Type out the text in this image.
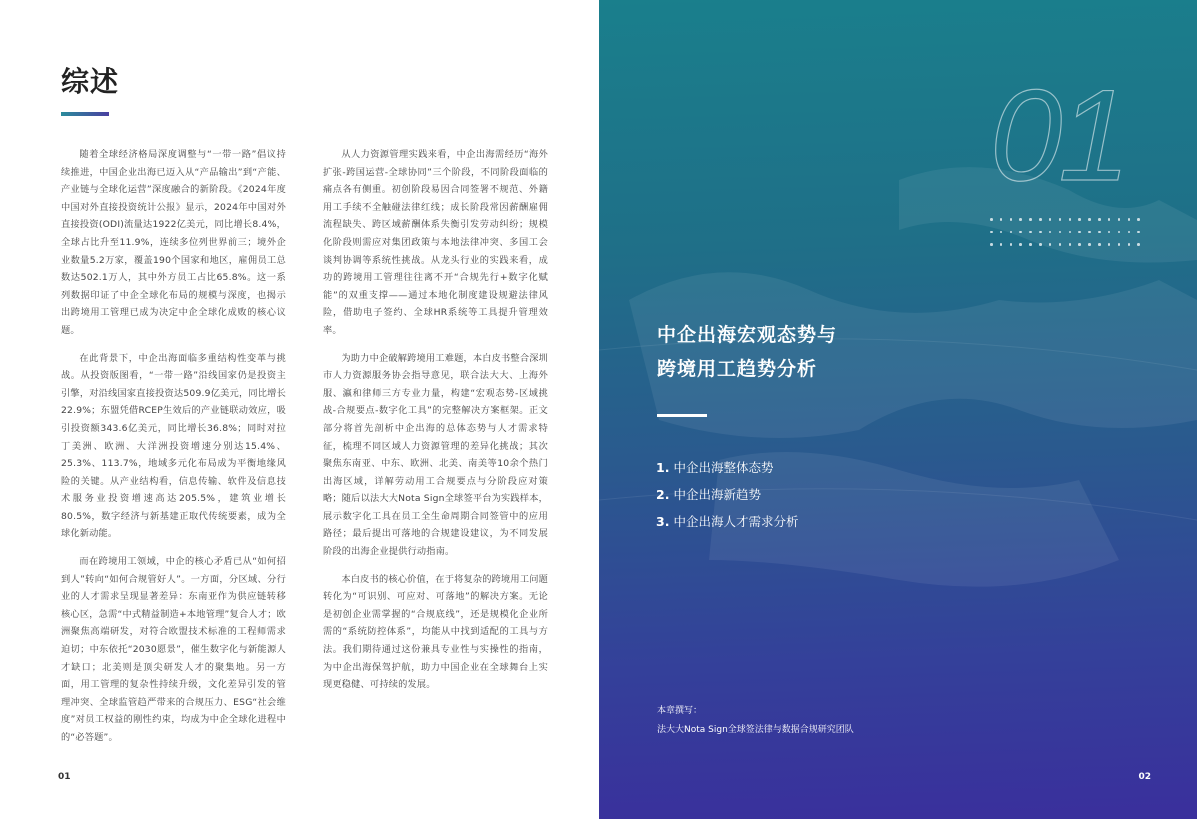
综述

随着全球经济格局深度调整与“一带一路”倡议持续推进，中国企业出海已迈入从“产品输出”到“产能、产业链与全球化运营”深度融合的新阶段。《2024年度中国对外直接投资统计公报》显示，2024年中国对外直接投资(ODI)流量达1922亿美元，同比增长8.4%，全球占比升至11.9%，连续多位列世界前三；境外企业数量5.2万家，覆盖190个国家和地区，雇佣员工总数达502.1万人，其中外方员工占比65.8%。这一系列数据印证了中企全球化布局的规模与深度，也揭示出跨境用工管理已成为决定中企全球化成败的核心议题。

在此背景下，中企出海面临多重结构性变革与挑战。从投资版图看，“一带一路”沿线国家仍是投资主引擎，对沿线国家直接投资达509.9亿美元，同比增长22.9%；东盟凭借RCEP生效后的产业链联动效应，吸引投资额343.6亿美元，同比增长36.8%；同时对拉丁美洲、欧洲、大洋洲投资增速分别达15.4%、25.3%、113.7%，地域多元化布局成为平衡地缘风险的关键。从产业结构看，信息传输、软件及信息技术服务业投资增速高达205.5%，建筑业增长80.5%，数字经济与新基建正取代传统要素，成为全球化新动能。

而在跨境用工领域，中企的核心矛盾已从“如何招到人”转向“如何合规管好人”。一方面，分区域、分行业的人才需求呈现显著差异：东南亚作为供应链转移核心区，急需“中式精益制造+本地管理”复合人才；欧洲聚焦高端研发，对符合欧盟技术标准的工程师需求迫切；中东依托“2030愿景”，催生数字化与新能源人才缺口；北美则是顶尖研发人才的聚集地。另一方面，用工管理的复杂性持续升级，文化差异引发的管理冲突、全球监管趋严带来的合规压力、ESG“社会维度”对员工权益的刚性约束，均成为中企全球化进程中的“必答题”。

从人力资源管理实践来看，中企出海需经历“海外扩张-跨国运营-全球协同”三个阶段，不同阶段面临的痛点各有侧重。初创阶段易因合同签署不规范、外籍用工手续不全触碰法律红线；成长阶段常因薪酬雇佣流程缺失、跨区域薪酬体系失衡引发劳动纠纷；规模化阶段则需应对集团政策与本地法律冲突、多国工会谈判协调等系统性挑战。从龙头行业的实践来看，成功的跨境用工管理往往离不开“合规先行+数字化赋能”的双重支撑——通过本地化制度建设规避法律风险，借助电子签约、全球HR系统等工具提升管理效率。

为助力中企破解跨境用工难题，本白皮书整合深圳市人力资源服务协会指导意见，联合法大大、上海外服、瀛和律师三方专业力量，构建“宏观态势-区域挑战-合规要点-数字化工具”的完整解决方案框架。正文部分将首先剖析中企出海的总体态势与人才需求特征，梳理不同区域人力资源管理的差异化挑战；其次聚焦东南亚、中东、欧洲、北美、南美等10余个热门出海区域，详解劳动用工合规要点与分阶段应对策略；随后以法大大Nota Sign全球签平台为实践样本，展示数字化工具在员工全生命周期合同签管中的应用路径；最后提出可落地的合规建设建议，为不同发展阶段的出海企业提供行动指南。

本白皮书的核心价值，在于将复杂的跨境用工问题转化为“可识别、可应对、可落地”的解决方案。无论是初创企业需掌握的“合规底线”，还是规模化企业所需的“系统防控体系”，均能从中找到适配的工具与方法。我们期待通过这份兼具专业性与实操性的指南，为中企出海保驾护航，助力中国企业在全球舞台上实现更稳健、可持续的发展。

01
01
中企出海宏观态势与
跨境用工趋势分析
1. 中企出海整体态势
2. 中企出海新趋势
3. 中企出海人才需求分析
本章撰写：
法大大Nota Sign全球签法律与数据合规研究团队
02
